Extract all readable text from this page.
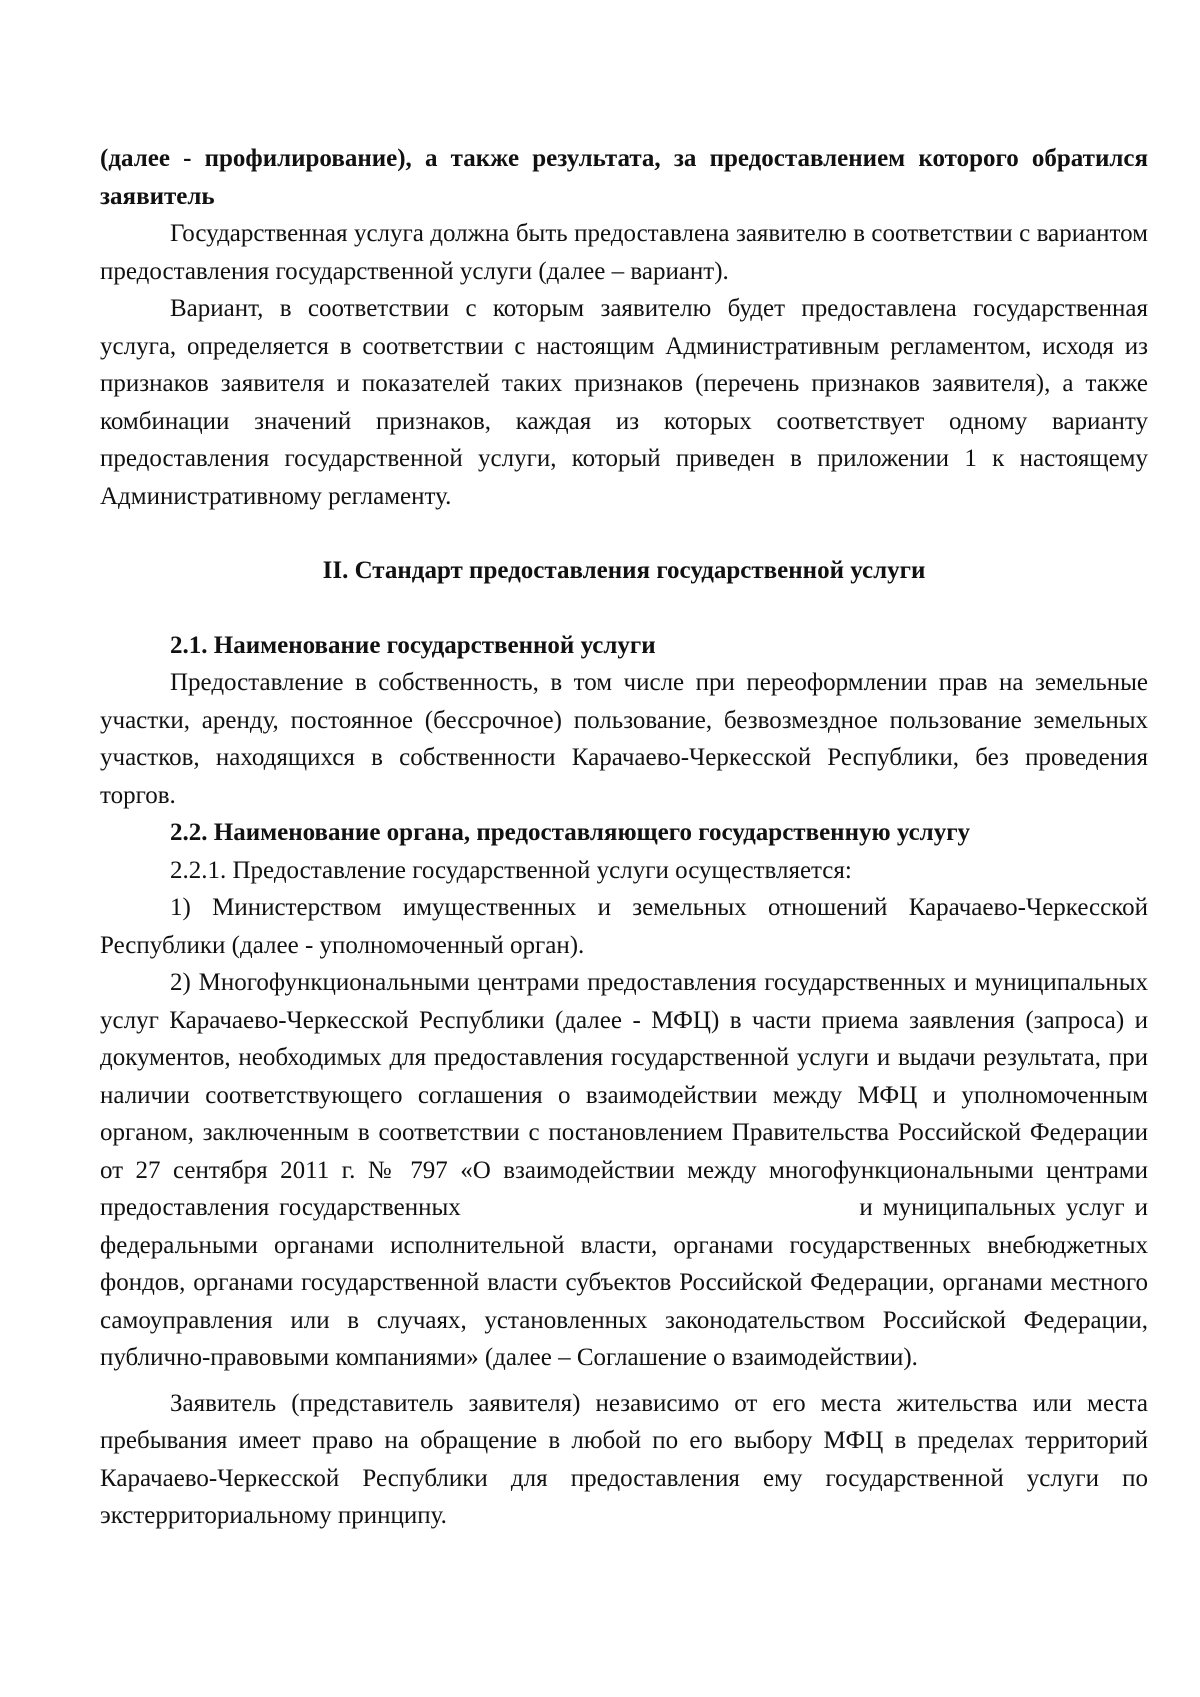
(далее - профилирование), а также результата, за предоставлением которого обратился заявитель

Государственная услуга должна быть предоставлена заявителю в соответствии с вариантом предоставления государственной услуги (далее – вариант).

Вариант, в соответствии с которым заявителю будет предоставлена государственная услуга, определяется в соответствии с настоящим Административным регламентом, исходя из признаков заявителя и показателей таких признаков (перечень признаков заявителя), а также комбинации значений признаков, каждая из которых соответствует одному варианту предоставления государственной услуги, который приведен в приложении 1 к настоящему Административному регламенту.

II. Стандарт предоставления государственной услуги

2.1. Наименование государственной услуги

Предоставление в собственность, в том числе при переоформлении прав на земельные участки, аренду, постоянное (бессрочное) пользование, безвозмездное пользование земельных участков, находящихся в собственности Карачаево-Черкесской Республики, без проведения торгов.

2.2. Наименование органа, предоставляющего государственную услугу

2.2.1. Предоставление государственной услуги осуществляется:

1) Министерством имущественных и земельных отношений Карачаево-Черкесской Республики (далее - уполномоченный орган).

2) Многофункциональными центрами предоставления государственных и муниципальных услуг Карачаево-Черкесской Республики (далее - МФЦ) в части приема заявления (запроса) и документов, необходимых для предоставления государственной услуги и выдачи результата, при наличии соответствующего соглашения о взаимодействии между МФЦ и уполномоченным органом, заключенным в соответствии с постановлением Правительства Российской Федерации от 27 сентября 2011 г. № 797 «О взаимодействии между многофункциональными центрами предоставления государственных                                        и муниципальных услуг и федеральными органами исполнительной власти, органами государственных внебюджетных фондов, органами государственной власти субъектов Российской Федерации, органами местного самоуправления или в случаях, установленных законодательством Российской Федерации, публично-правовыми компаниями» (далее – Соглашение о взаимодействии).

Заявитель (представитель заявителя) независимо от его места жительства или места пребывания имеет право на обращение в любой по его выбору МФЦ в пределах территорий Карачаево-Черкесской Республики для предоставления ему государственной услуги по экстерриториальному принципу.
